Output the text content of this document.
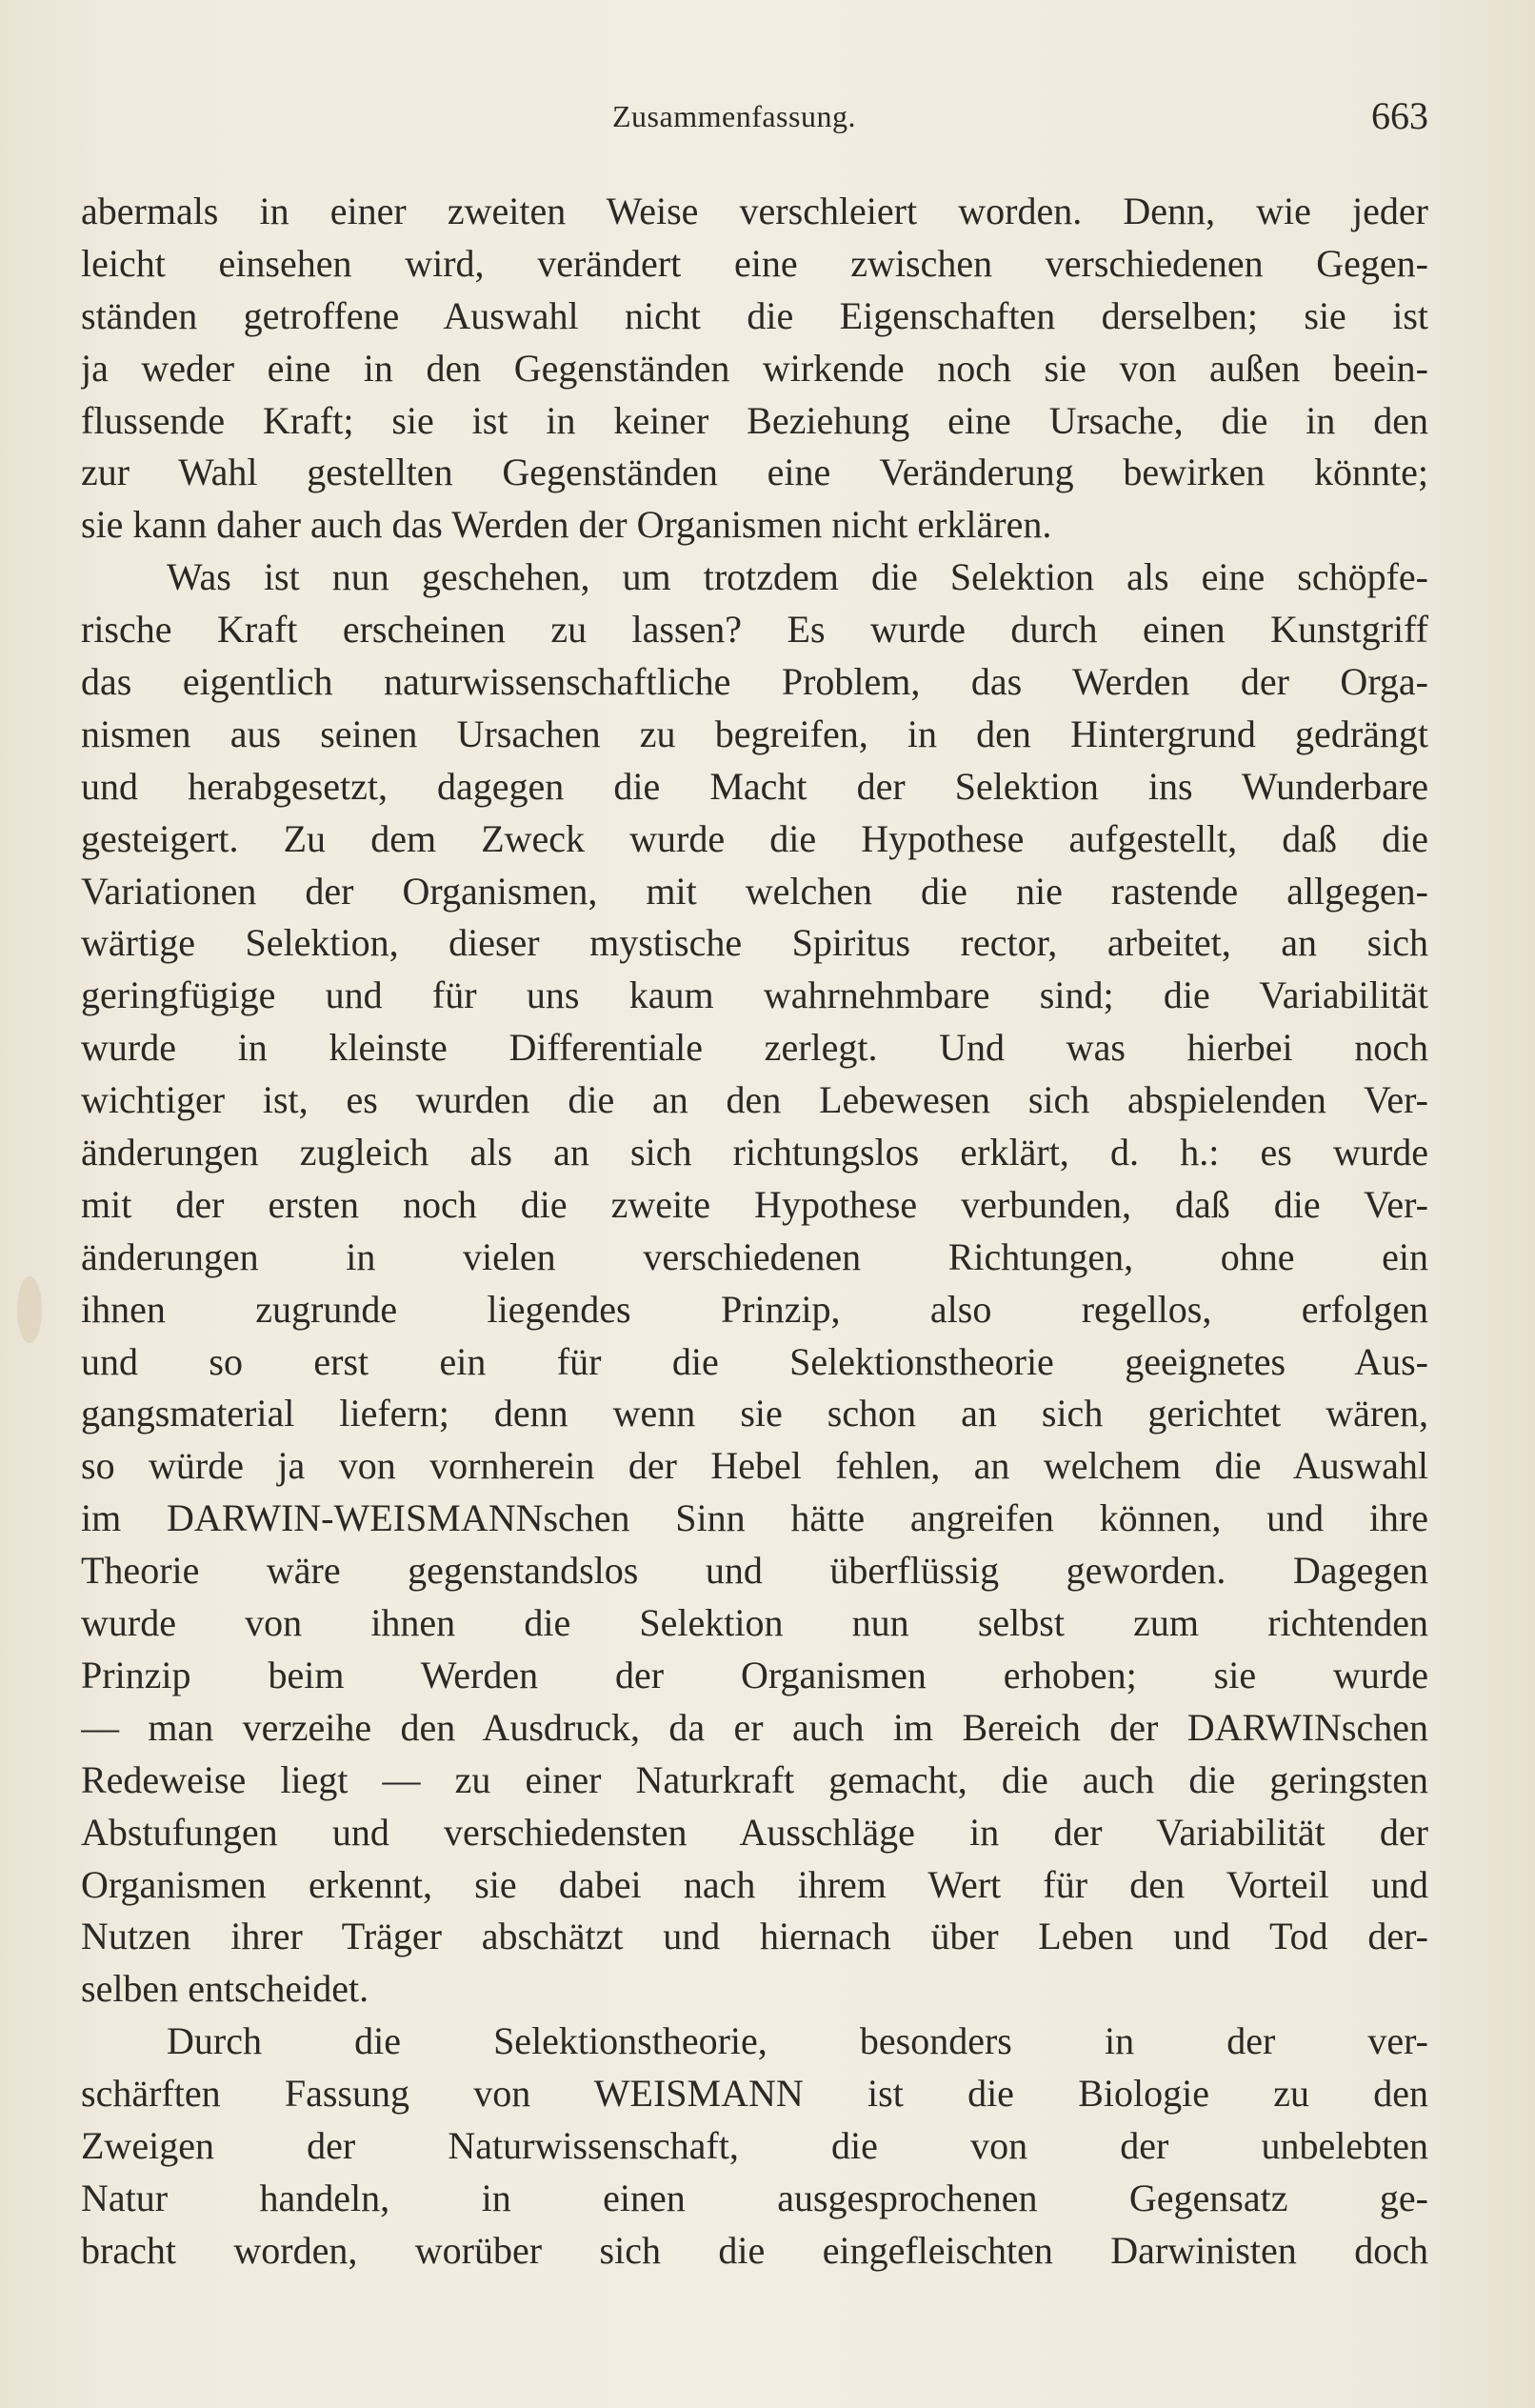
Zusammenfassung.	663
abermals in einer zweiten Weise verschleiert worden. Denn, wie jeder
leicht einsehen wird, verändert eine zwischen verschiedenen Gegen-
ständen getroffene Auswahl nicht die Eigenschaften derselben; sie ist
ja weder eine in den Gegenständen wirkende noch sie von außen beein-
flussende Kraft; sie ist in keiner Beziehung eine Ursache, die in den
zur Wahl gestellten Gegenständen eine Veränderung bewirken könnte;
sie kann daher auch das Werden der Organismen nicht erklären.
Was ist nun geschehen, um trotzdem die Selektion als eine schöpfe-
rische Kraft erscheinen zu lassen? Es wurde durch einen Kunstgriff
das eigentlich naturwissenschaftliche Problem, das Werden der Orga-
nismen aus seinen Ursachen zu begreifen, in den Hintergrund gedrängt
und herabgesetzt, dagegen die Macht der Selektion ins Wunderbare
gesteigert. Zu dem Zweck wurde die Hypothese aufgestellt, daß die
Variationen der Organismen, mit welchen die nie rastende allgegen-
wärtige Selektion, dieser mystische Spiritus rector, arbeitet, an sich
geringfügige und für uns kaum wahrnehmbare sind; die Variabilität
wurde in kleinste Differentiale zerlegt. Und was hierbei noch
wichtiger ist, es wurden die an den Lebewesen sich abspielenden Ver-
änderungen zugleich als an sich richtungslos erklärt, d. h.: es wurde
mit der ersten noch die zweite Hypothese verbunden, daß die Ver-
änderungen in vielen verschiedenen Richtungen, ohne ein
ihnen zugrunde liegendes Prinzip, also regellos, erfolgen
und so erst ein für die Selektionstheorie geeignetes Aus-
gangsmaterial liefern; denn wenn sie schon an sich gerichtet wären,
so würde ja von vornherein der Hebel fehlen, an welchem die Auswahl
im DARWIN-WEISMANNschen Sinn hätte angreifen können, und ihre
Theorie wäre gegenstandslos und überflüssig geworden. Dagegen
wurde von ihnen die Selektion nun selbst zum richtenden
Prinzip beim Werden der Organismen erhoben; sie wurde
— man verzeihe den Ausdruck, da er auch im Bereich der DARWINschen
Redeweise liegt — zu einer Naturkraft gemacht, die auch die geringsten
Abstufungen und verschiedensten Ausschläge in der Variabilität der
Organismen erkennt, sie dabei nach ihrem Wert für den Vorteil und
Nutzen ihrer Träger abschätzt und hiernach über Leben und Tod der-
selben entscheidet.
Durch die Selektionstheorie, besonders in der ver-
schärften Fassung von WEISMANN ist die Biologie zu den
Zweigen der Naturwissenschaft, die von der unbelebten
Natur handeln, in einen ausgesprochenen Gegensatz ge-
bracht worden, worüber sich die eingefleischten Darwinisten doch
